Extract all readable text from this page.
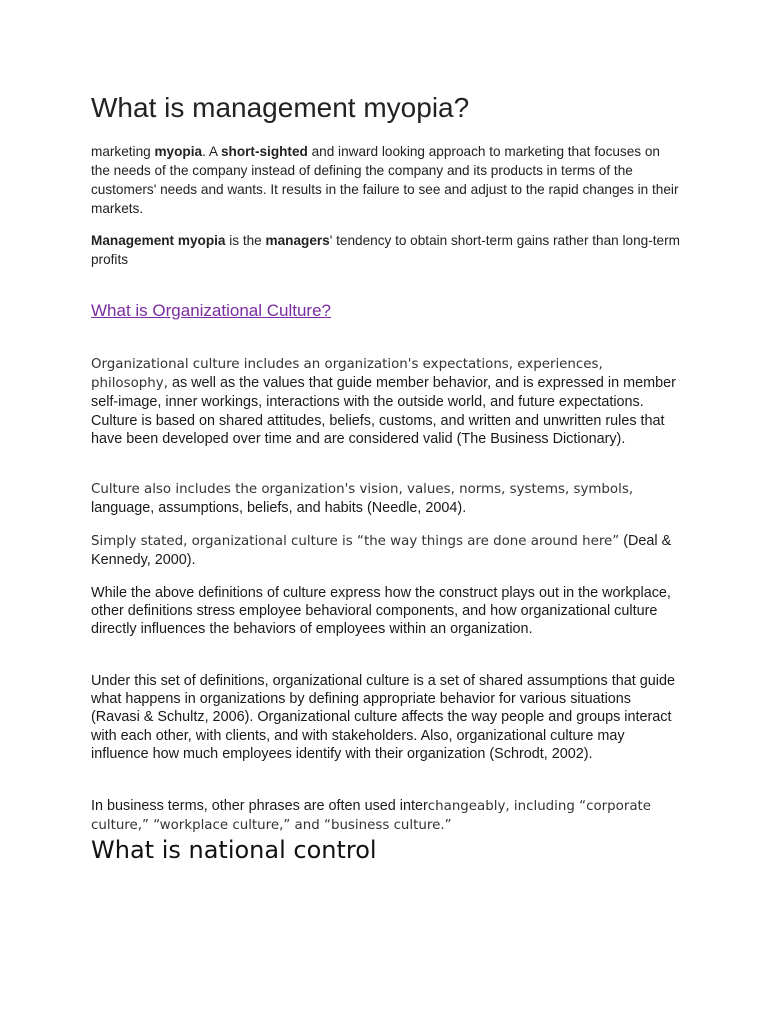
What is management myopia?

marketing myopia. A short-sighted and inward looking approach to marketing that focuses on the needs of the company instead of defining the company and its products in terms of the customers' needs and wants. It results in the failure to see and adjust to the rapid changes in their markets.

Management myopia is the managers' tendency to obtain short-term gains rather than long-term profits

What is Organizational Culture?

Organizational culture includes an organization's expectations, experiences, philosophy, as well as the values that guide member behavior, and is expressed in member self-image, inner workings, interactions with the outside world, and future expectations. Culture is based on shared attitudes, beliefs, customs, and written and unwritten rules that have been developed over time and are considered valid (The Business Dictionary).

Culture also includes the organization's vision, values, norms, systems, symbols, language, assumptions, beliefs, and habits (Needle, 2004).

Simply stated, organizational culture is “the way things are done around here” (Deal & Kennedy, 2000).

While the above definitions of culture express how the construct plays out in the workplace, other definitions stress employee behavioral components, and how organizational culture directly influences the behaviors of employees within an organization.

Under this set of definitions, organizational culture is a set of shared assumptions that guide what happens in organizations by defining appropriate behavior for various situations (Ravasi & Schultz, 2006). Organizational culture affects the way people and groups interact with each other, with clients, and with stakeholders. Also, organizational culture may influence how much employees identify with their organization (Schrodt, 2002).

In business terms, other phrases are often used interchangeably, including “corporate culture,” “workplace culture,” and “business culture.”

What is national control
